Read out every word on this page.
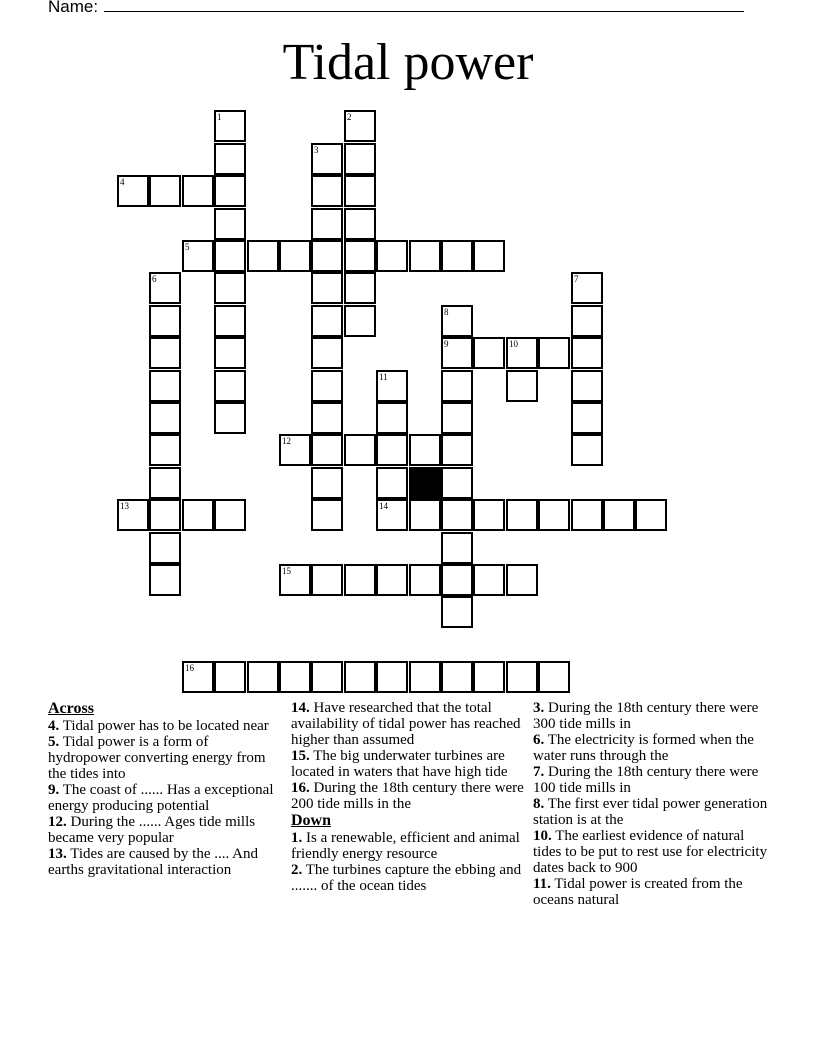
Name:
Tidal power
1	2
3
4
5
6	7
8
9	10
11
12
13	14
15
16
Across

4. Tidal power has to be located near

5. Tidal power is a form of hydropower converting energy from the tides into

9. The coast of ...... Has a exceptional energy producing potential

12. During the ...... Ages tide mills became very popular

13. Tides are caused by the .... And earths gravitational interaction

14. Have researched that the total availability of tidal power has reached higher than assumed

15. The big underwater turbines are located in waters that have high tide

16. During the 18th century there were 200 tide mills in the

Down

1. Is a renewable, efficient and animal friendly energy resource

2. The turbines capture the ebbing and ....... of the ocean tides

3. During the 18th century there were 300 tide mills in

6. The electricity is formed when the water runs through the

7. During the 18th century there were 100 tide mills in

8. The first ever tidal power generation station is at the

10. The earliest evidence of natural tides to be put to rest use for electricity dates back to 900

11. Tidal power is created from the oceans natural
